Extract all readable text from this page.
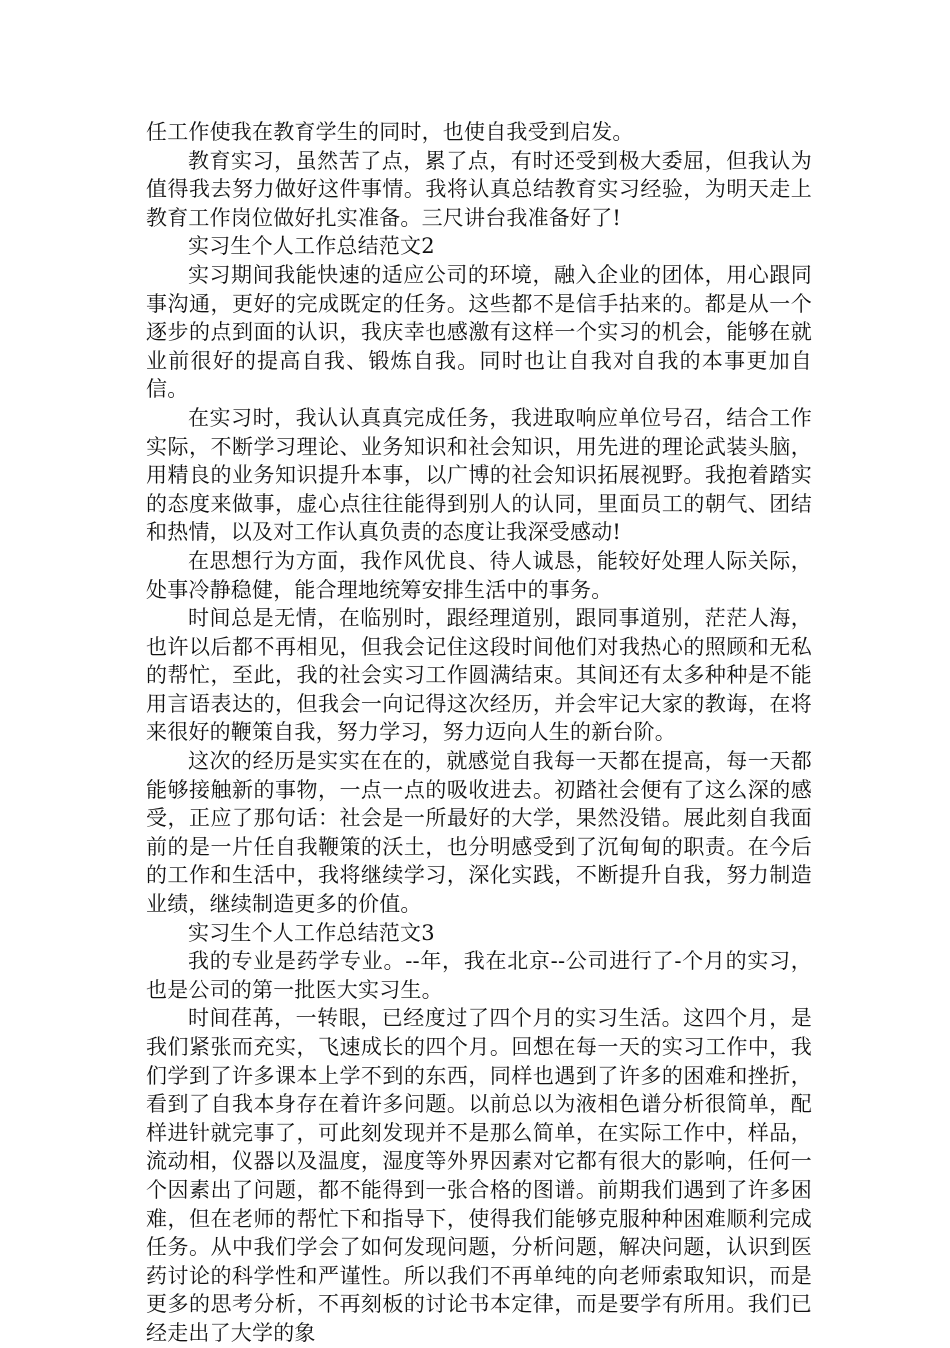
任工作使我在教育学生的同时，也使自我受到启发。

教育实习，虽然苦了点，累了点，有时还受到极大委屈，但我认为值得我去努力做好这件事情。我将认真总结教育实习经验，为明天走上教育工作岗位做好扎实准备。三尺讲台我准备好了!

实习生个人工作总结范文2

实习期间我能快速的适应公司的环境，融入企业的团体，用心跟同事沟通，更好的完成既定的任务。这些都不是信手拈来的。都是从一个逐步的点到面的认识，我庆幸也感激有这样一个实习的机会，能够在就业前很好的提高自我、锻炼自我。同时也让自我对自我的本事更加自信。

在实习时，我认认真真完成任务，我进取响应单位号召，结合工作实际，不断学习理论、业务知识和社会知识，用先进的理论武装头脑，用精良的业务知识提升本事，以广博的社会知识拓展视野。我抱着踏实的态度来做事，虚心点往往能得到别人的认同，里面员工的朝气、团结和热情，以及对工作认真负责的态度让我深受感动!

在思想行为方面，我作风优良、待人诚恳，能较好处理人际关际，处事冷静稳健，能合理地统筹安排生活中的事务。

时间总是无情，在临别时，跟经理道别，跟同事道别，茫茫人海，也许以后都不再相见，但我会记住这段时间他们对我热心的照顾和无私的帮忙，至此，我的社会实习工作圆满结束。其间还有太多种种是不能用言语表达的，但我会一向记得这次经历，并会牢记大家的教诲，在将来很好的鞭策自我，努力学习，努力迈向人生的新台阶。

这次的经历是实实在在的，就感觉自我每一天都在提高，每一天都能够接触新的事物，一点一点的吸收进去。初踏社会便有了这么深的感受，正应了那句话：社会是一所最好的大学，果然没错。展此刻自我面前的是一片任自我鞭策的沃土，也分明感受到了沉甸甸的职责。在今后的工作和生活中，我将继续学习，深化实践，不断提升自我，努力制造业绩，继续制造更多的价值。

实习生个人工作总结范文3

我的专业是药学专业。--年，我在北京--公司进行了-个月的实习，也是公司的第一批医大实习生。

时间荏苒，一转眼，已经度过了四个月的实习生活。这四个月，是我们紧张而充实，飞速成长的四个月。回想在每一天的实习工作中，我们学到了许多课本上学不到的东西，同样也遇到了许多的困难和挫折，看到了自我本身存在着许多问题。以前总以为液相色谱分析很简单，配样进针就完事了，可此刻发现并不是那么简单，在实际工作中，样品，流动相，仪器以及温度，湿度等外界因素对它都有很大的影响，任何一个因素出了问题，都不能得到一张合格的图谱。前期我们遇到了许多困难，但在老师的帮忙下和指导下，使得我们能够克服种种困难顺利完成任务。从中我们学会了如何发现问题，分析问题，解决问题，认识到医药讨论的科学性和严谨性。所以我们不再单纯的向老师索取知识，而是更多的思考分析，不再刻板的讨论书本定律，而是要学有所用。我们已经走出了大学的象
